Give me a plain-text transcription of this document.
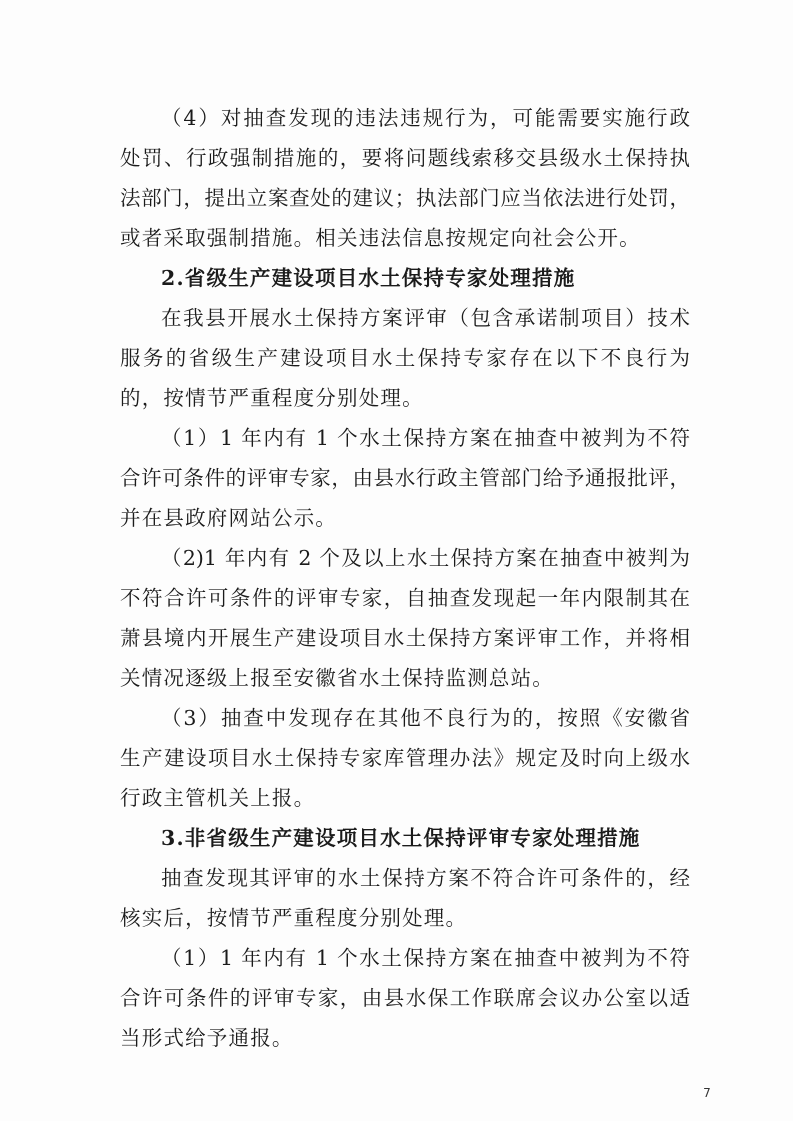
（4）对抽查发现的违法违规行为，可能需要实施行政
处罚、行政强制措施的，要将问题线索移交县级水土保持执
法部门，提出立案查处的建议；执法部门应当依法进行处罚，
或者采取强制措施。相关违法信息按规定向社会公开。
2.省级生产建设项目水土保持专家处理措施
在我县开展水土保持方案评审（包含承诺制项目）技术
服务的省级生产建设项目水土保持专家存在以下不良行为
的，按情节严重程度分别处理。
（1）1 年内有 1 个水土保持方案在抽查中被判为不符
合许可条件的评审专家，由县水行政主管部门给予通报批评，
并在县政府网站公示。
（2)1 年内有 2 个及以上水土保持方案在抽查中被判为
不符合许可条件的评审专家，自抽查发现起一年内限制其在
萧县境内开展生产建设项目水土保持方案评审工作，并将相
关情况逐级上报至安徽省水土保持监测总站。
（3）抽查中发现存在其他不良行为的，按照《安徽省
生产建设项目水土保持专家库管理办法》规定及时向上级水
行政主管机关上报。
3.非省级生产建设项目水土保持评审专家处理措施
抽查发现其评审的水土保持方案不符合许可条件的，经
核实后，按情节严重程度分别处理。
（1）1 年内有 1 个水土保持方案在抽查中被判为不符
合许可条件的评审专家，由县水保工作联席会议办公室以适
当形式给予通报。
7
